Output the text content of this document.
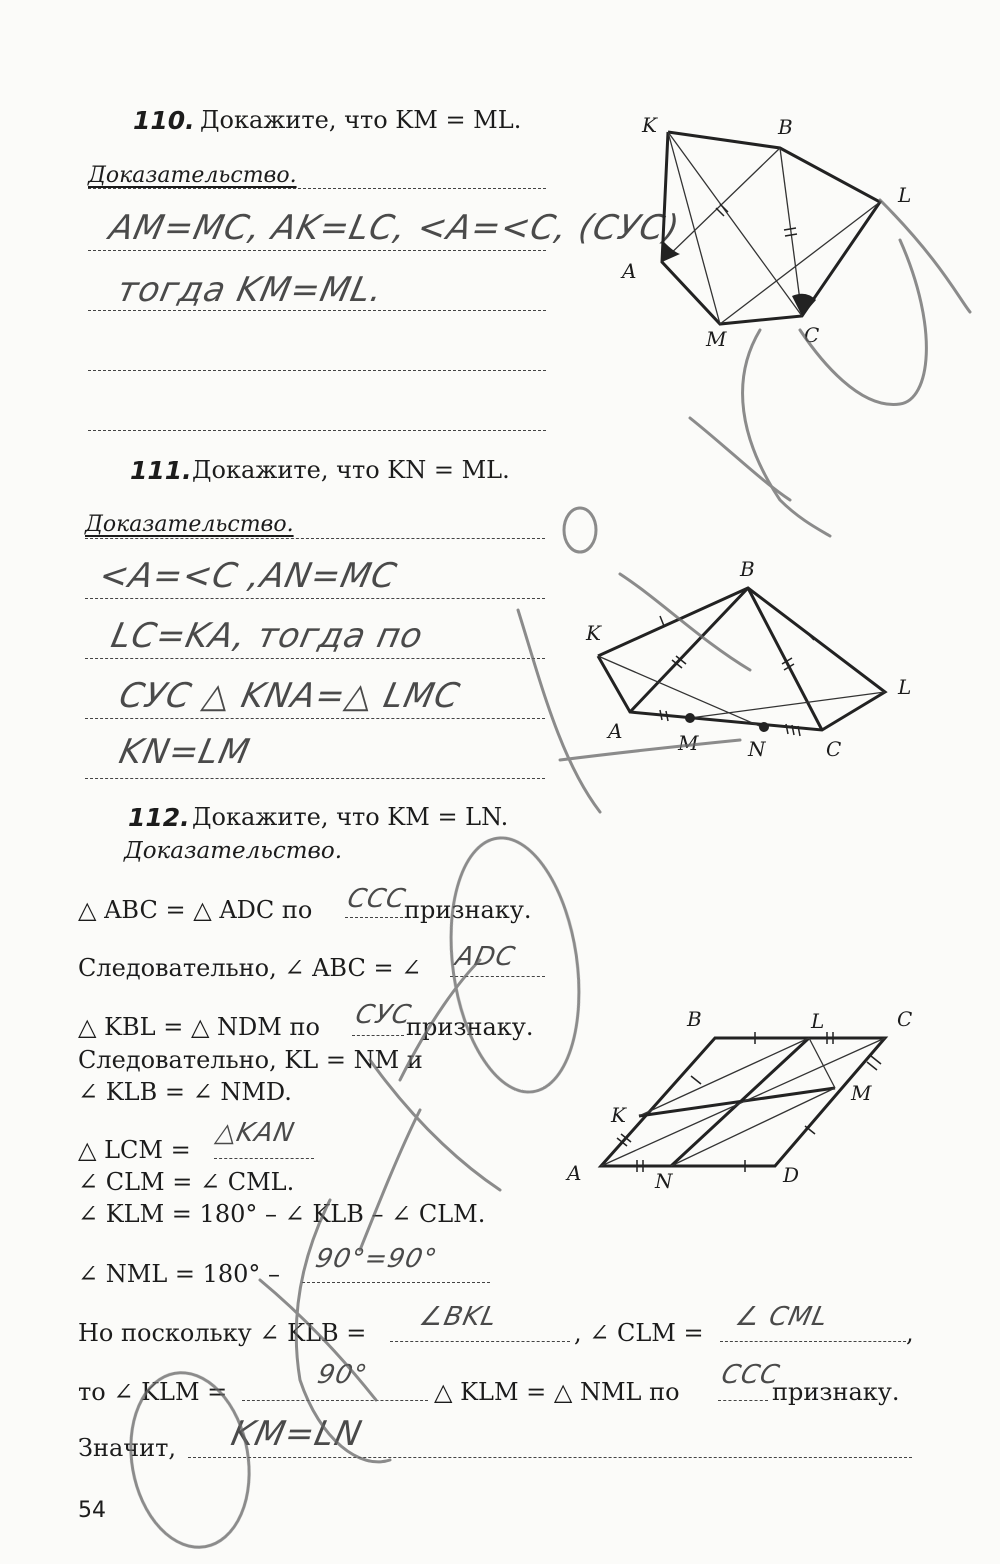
110. Докажите, что KM = ML.
Доказательство.
AM=MC, AK=LC, <A=<C, (СУС)
тогда KM=ML.
K	B
L
A
M	C
111. Докажите, что KN = ML.
Доказательство.
<A=<C ,AN=MC
LC=KA, тогда по
СУС △ KNA=△ LMC
KN=LM
B
K
L
A	M N	C
112. Докажите, что KM = LN.
Доказательство.
△ ABC = △ ADC по ССС
признаку.
Следовательно, ∠ ABC = ∠ ADC
△ KBL = △ NDM по СУС
признаку.
Следовательно, KL = NM и
∠ KLB = ∠ NMD.
△ LCM =
△KAN
∠ CLM = ∠ CML.
∠ KLM = 180° – ∠ KLB – ∠ CLM.
∠ NML = 180° – 90°=90°
Но поскольку ∠ KLB =
∠BKL
, ∠ CLM =
∠ CML
,
то ∠ KLM =
90°
△ KLM = △ NML по
ССС
признаку.
Значит, KM=LN
B	L	C
K
M
A	N	D
54
